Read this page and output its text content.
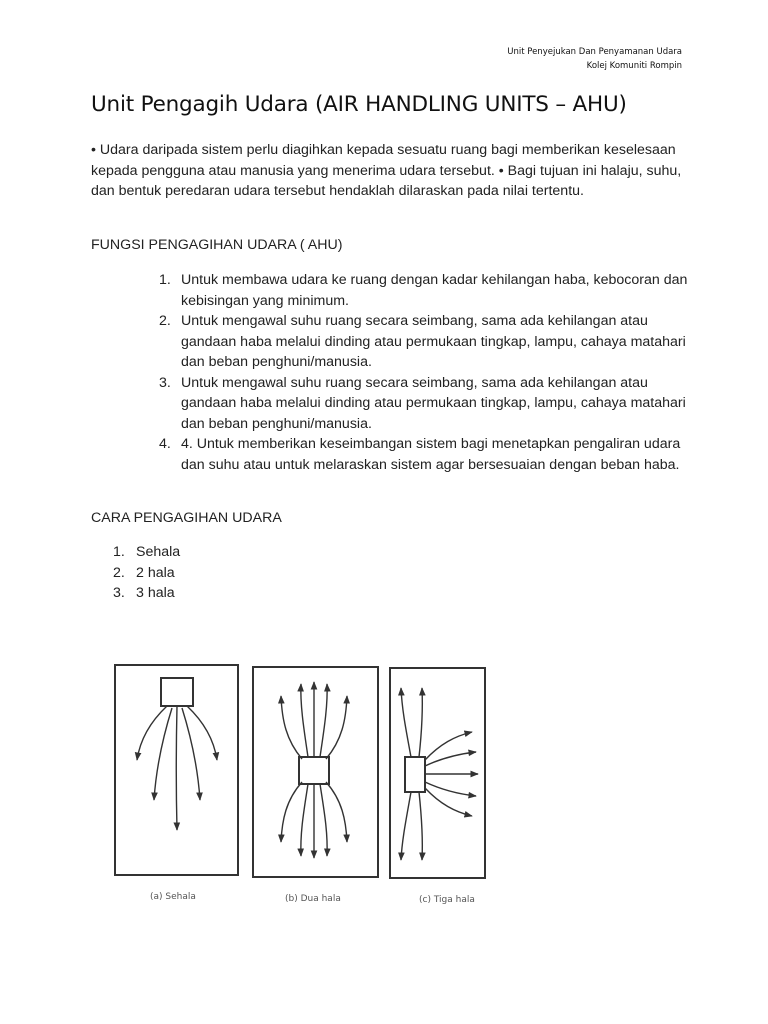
Unit Penyejukan Dan Penyamanan Udara
Kolej Komuniti Rompin
Unit Pengagih Udara (AIR HANDLING UNITS – AHU)

• Udara daripada sistem perlu diagihkan kepada sesuatu ruang bagi memberikan keselesaan kepada pengguna atau manusia yang menerima udara tersebut. • Bagi tujuan ini halaju, suhu, dan bentuk peredaran udara tersebut hendaklah dilaraskan pada nilai tertentu.

FUNGSI PENGAGIHAN UDARA ( AHU)
1. Untuk membawa udara ke ruang dengan kadar kehilangan haba, kebocoran dan kebisingan yang minimum.
2. Untuk mengawal suhu ruang secara seimbang, sama ada kehilangan atau gandaan haba melalui dinding atau permukaan tingkap, lampu, cahaya matahari dan beban penghuni/manusia.
3. Untuk mengawal suhu ruang secara seimbang, sama ada kehilangan atau gandaan haba melalui dinding atau permukaan tingkap, lampu, cahaya matahari dan beban penghuni/manusia.
4. 4. Untuk memberikan keseimbangan sistem bagi menetapkan pengaliran udara dan suhu atau untuk melaraskan sistem agar bersesuaian dengan beban haba.
CARA PENGAGIHAN UDARA
1. Sehala
2. 2 hala
3. 3 hala
(a) Sehala	(b) Dua hala	(c) Tiga hala
